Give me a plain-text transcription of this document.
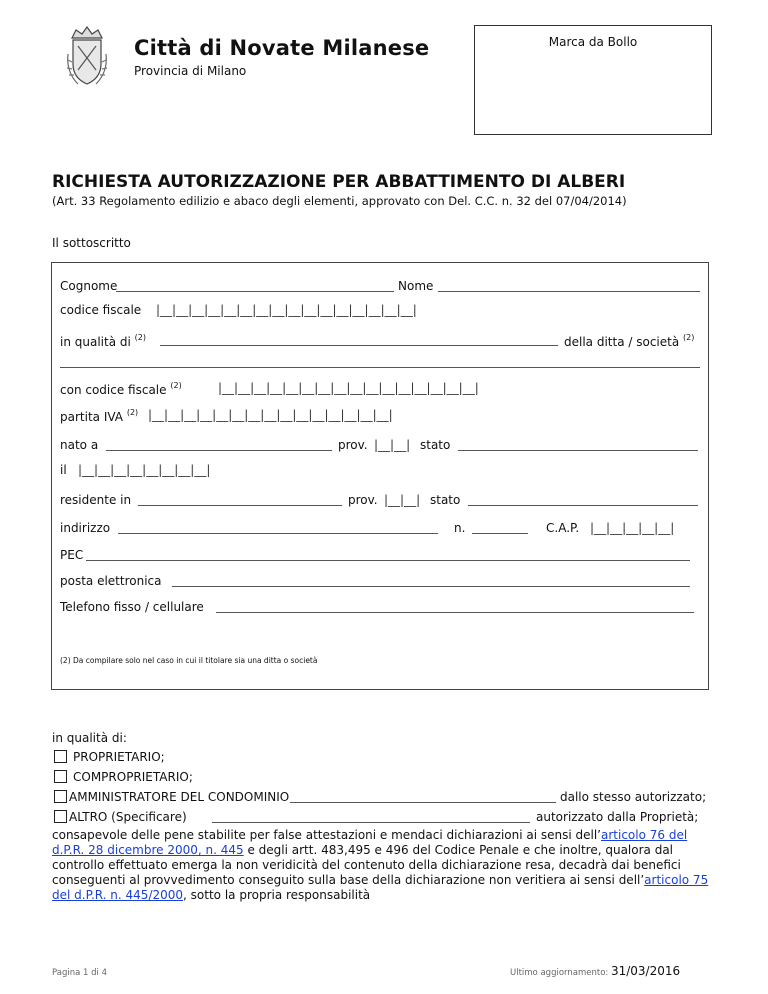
Città di Novate Milanese
Provincia di Milano
Marca da Bollo
RICHIESTA AUTORIZZAZIONE PER ABBATTIMENTO DI ALBERI
(Art. 33 Regolamento edilizio e abaco degli elementi, approvato con Del. C.C. n. 32 del 07/04/2014)
Il sottoscritto
Cognome	Nome
codice fiscale |__|__|__|__|__|__|__|__|__|__|__|__|__|__|__|__|
in qualità di $^{(2)}$	della ditta / società $^{(2)}$
con codice fiscale $^{(2)}$	|__|__|__|__|__|__|__|__|__|__|__|__|__|__|__|__|
partita IVA $^{(2)}$ |__|__|__|__|__|__|__|__|__|__|__|__|__|__|__|
nato a	prov. |__|__| stato
il |__|__|__|__|__|__|__|__|
residente in	prov. |__|__| stato
indirizzo	n.	C.A.P. |__|__|__|__|__|
PEC
posta elettronica
Telefono fisso / cellulare
(2) Da compilare solo nel caso in cui il titolare sia una ditta o società
in qualità di:
PROPRIETARIO;
COMPROPRIETARIO;
AMMINISTRATORE DEL CONDOMINIO	dallo stesso autorizzato;
ALTRO (Specificare)	autorizzato dalla Proprietà;
consapevole delle pene stabilite per false attestazioni e mendaci dichiarazioni ai sensi dell’articolo 76 del d.P.R. 28 dicembre 2000, n. 445 e degli artt. 483,495 e 496 del Codice Penale e che inoltre, qualora dal controllo effettuato emerga la non veridicità del contenuto della dichiarazione resa, decadrà dai benefici conseguenti al provvedimento conseguito sulla base della dichiarazione non veritiera ai sensi dell’articolo 75 del d.P.R. n. 445/2000, sotto la propria responsabilità
Pagina 1 di 4	Ultimo aggiornamento: 31/03/2016
